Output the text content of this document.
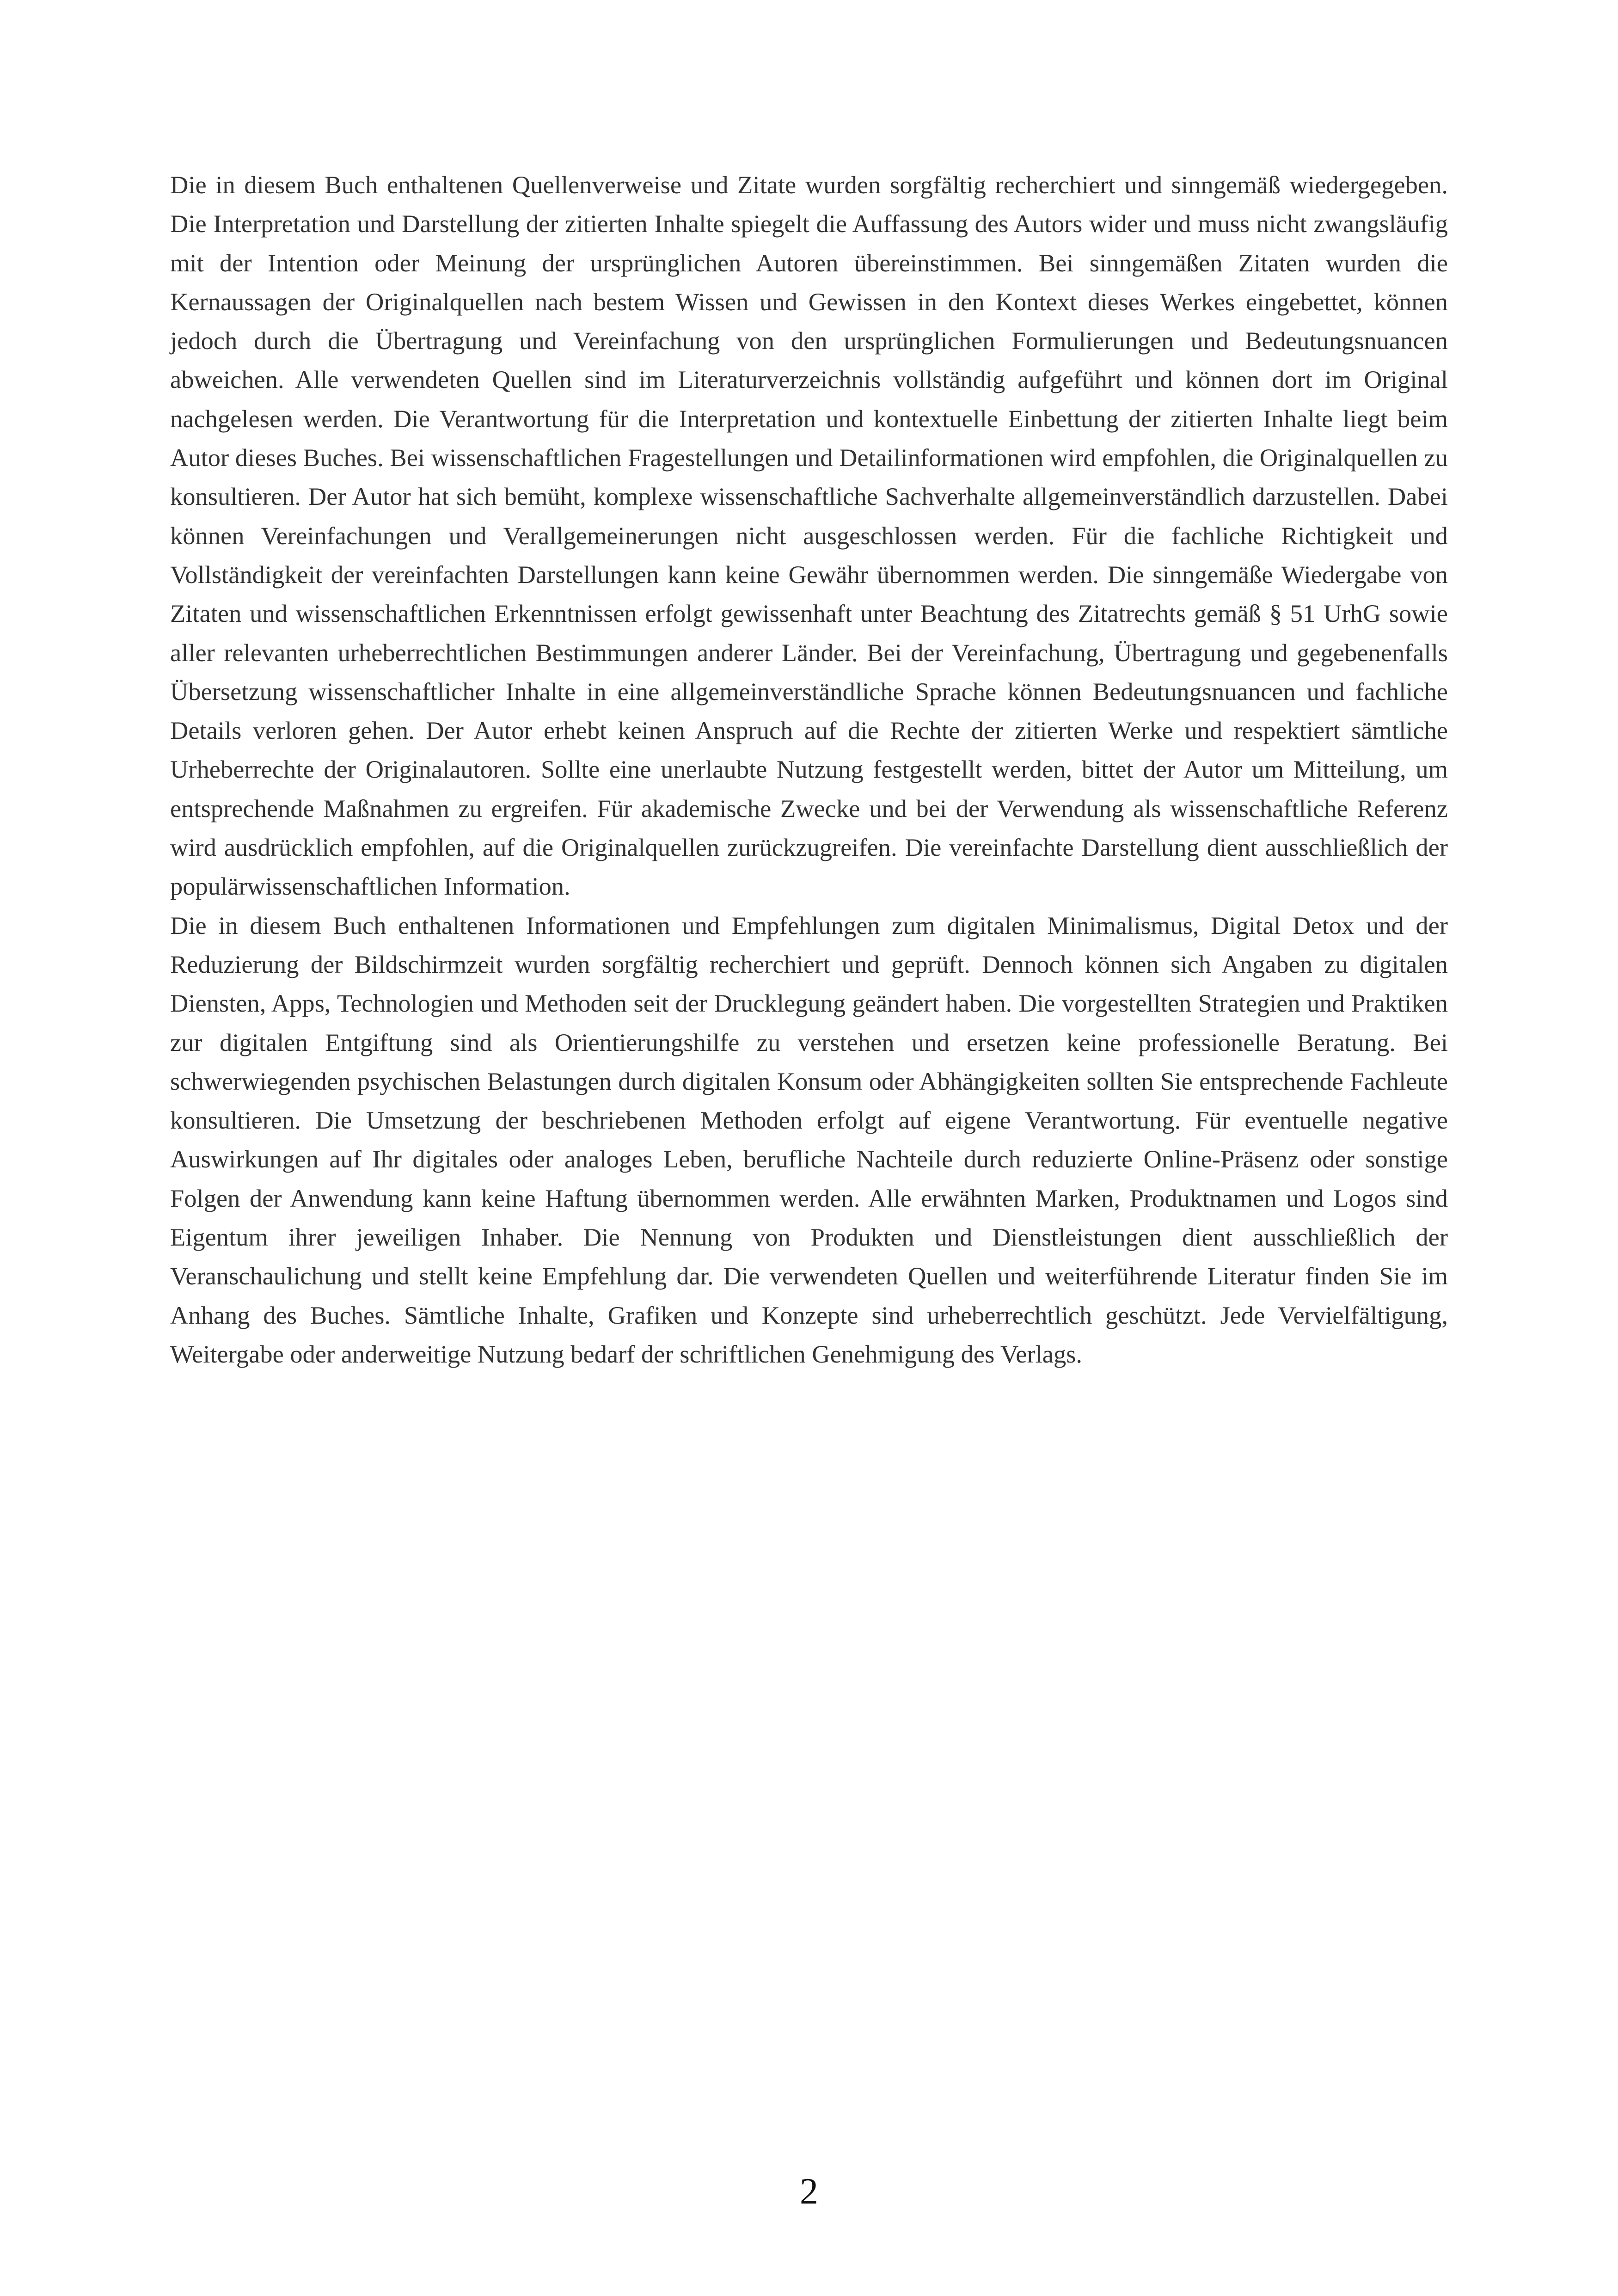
Die in diesem Buch enthaltenen Quellenverweise und Zitate wurden sorgfältig recherchiert und sinngemäß wiedergegeben. Die Interpretation und Darstellung der zitierten Inhalte spiegelt die Auffassung des Autors wider und muss nicht zwangsläufig mit der Intention oder Meinung der ursprünglichen Autoren übereinstimmen. Bei sinngemäßen Zitaten wurden die Kernaussagen der Originalquellen nach bestem Wissen und Gewissen in den Kontext dieses Werkes eingebettet, können jedoch durch die Übertragung und Vereinfachung von den ursprünglichen Formulierungen und Bedeutungsnuancen abweichen. Alle verwendeten Quellen sind im Literaturverzeichnis vollständig aufgeführt und können dort im Original nachgelesen werden. Die Verantwortung für die Interpretation und kontextuelle Einbettung der zitierten Inhalte liegt beim Autor dieses Buches. Bei wissenschaftlichen Fragestellungen und Detailinformationen wird empfohlen, die Originalquellen zu konsultieren. Der Autor hat sich bemüht, komplexe wissenschaftliche Sachverhalte allgemeinverständlich darzustellen. Dabei können Vereinfachungen und Verallgemeinerungen nicht ausgeschlossen werden. Für die fachliche Richtigkeit und Vollständigkeit der vereinfachten Darstellungen kann keine Gewähr übernommen werden. Die sinngemäße Wiedergabe von Zitaten und wissenschaftlichen Erkenntnissen erfolgt gewissenhaft unter Beachtung des Zitatrechts gemäß § 51 UrhG sowie aller relevanten urheberrechtlichen Bestimmungen anderer Länder. Bei der Vereinfachung, Übertragung und gegebenenfalls Übersetzung wissenschaftlicher Inhalte in eine allgemeinverständliche Sprache können Bedeutungsnuancen und fachliche Details verloren gehen. Der Autor erhebt keinen Anspruch auf die Rechte der zitierten Werke und respektiert sämtliche Urheberrechte der Originalautoren. Sollte eine unerlaubte Nutzung festgestellt werden, bittet der Autor um Mitteilung, um entsprechende Maßnahmen zu ergreifen. Für akademische Zwecke und bei der Verwendung als wissenschaftliche Referenz wird ausdrücklich empfohlen, auf die Originalquellen zurückzugreifen. Die vereinfachte Darstellung dient ausschließlich der populärwissenschaftlichen Information.

Die in diesem Buch enthaltenen Informationen und Empfehlungen zum digitalen Minimalismus, Digital Detox und der Reduzierung der Bildschirmzeit wurden sorgfältig recherchiert und geprüft. Dennoch können sich Angaben zu digitalen Diensten, Apps, Technologien und Methoden seit der Drucklegung geändert haben. Die vorgestellten Strategien und Praktiken zur digitalen Entgiftung sind als Orientierungshilfe zu verstehen und ersetzen keine professionelle Beratung. Bei schwerwiegenden psychischen Belastungen durch digitalen Konsum oder Abhängigkeiten sollten Sie entsprechende Fachleute konsultieren. Die Umsetzung der beschriebenen Methoden erfolgt auf eigene Verantwortung. Für eventuelle negative Auswirkungen auf Ihr digitales oder analoges Leben, berufliche Nachteile durch reduzierte Online-Präsenz oder sonstige Folgen der Anwendung kann keine Haftung übernommen werden. Alle erwähnten Marken, Produktnamen und Logos sind Eigentum ihrer jeweiligen Inhaber. Die Nennung von Produkten und Dienstleistungen dient ausschließlich der Veranschaulichung und stellt keine Empfehlung dar. Die verwendeten Quellen und weiterführende Literatur finden Sie im Anhang des Buches. Sämtliche Inhalte, Grafiken und Konzepte sind urheberrechtlich geschützt. Jede Vervielfältigung, Weitergabe oder anderweitige Nutzung bedarf der schriftlichen Genehmigung des Verlags.

2
